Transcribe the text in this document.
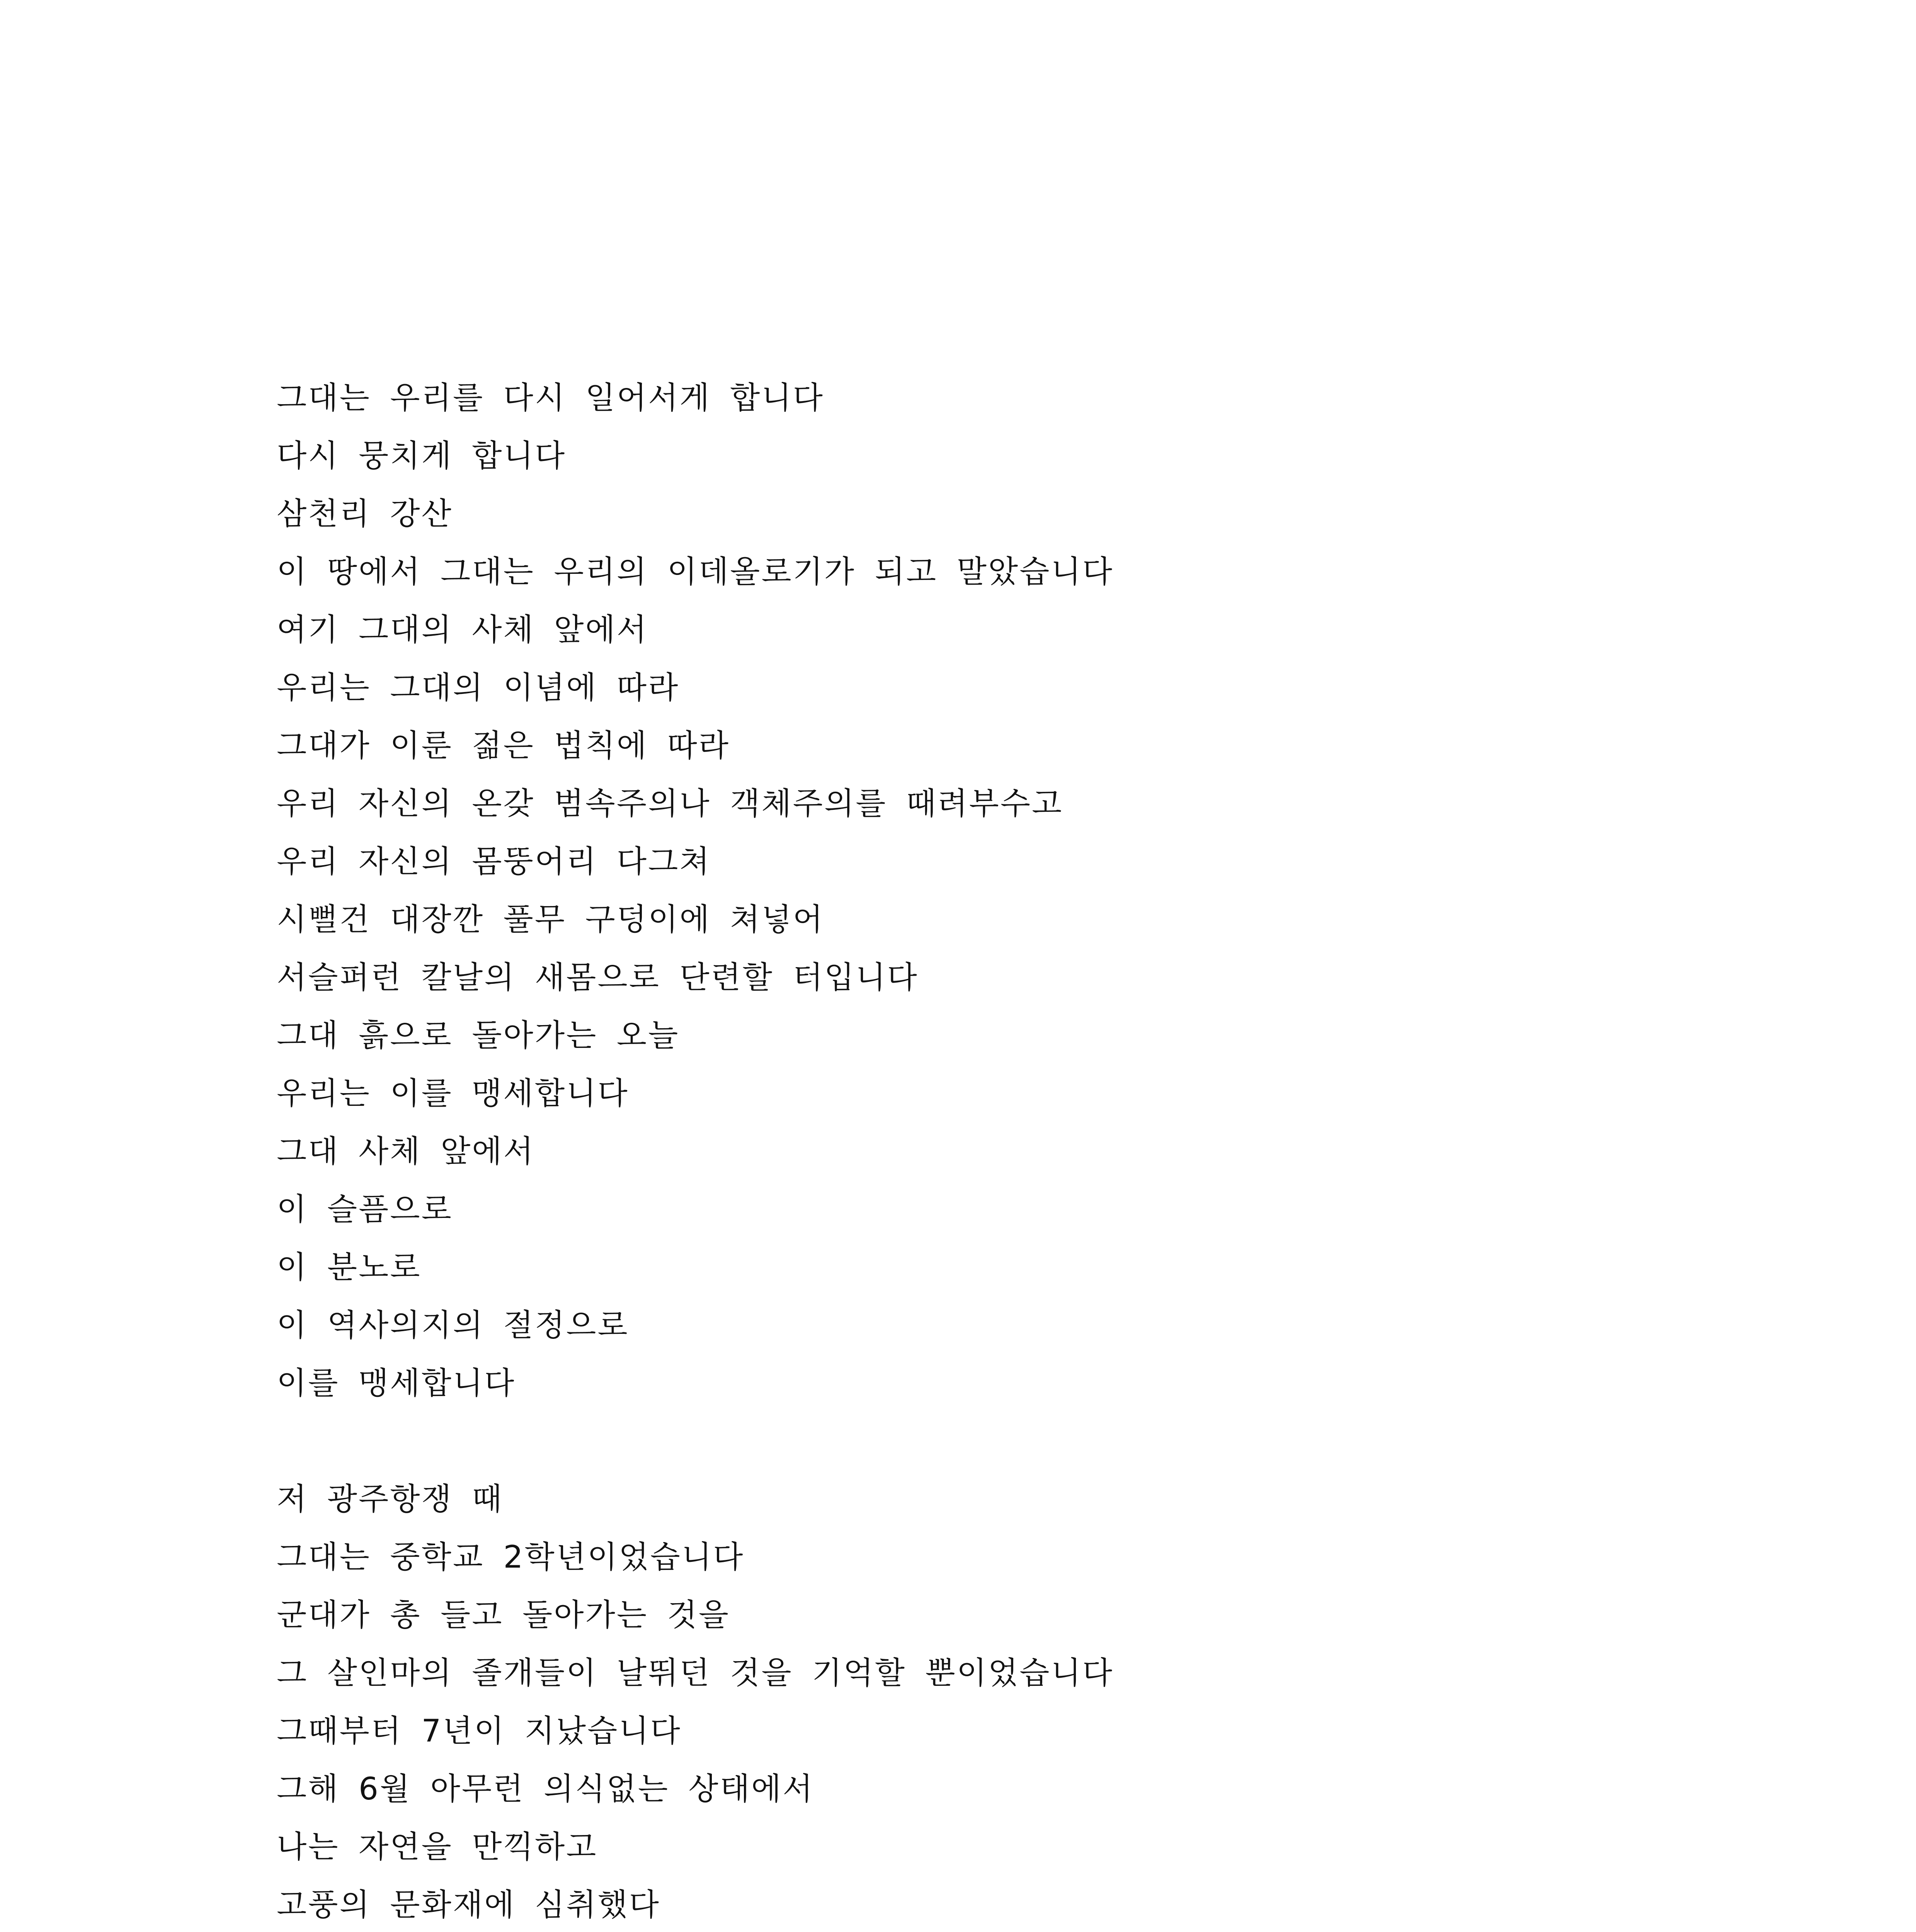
그대는 우리를 다시 일어서게 합니다
다시 뭉치게 합니다
삼천리 강산
이 땅에서 그대는 우리의 이데올로기가 되고 말았습니다
여기 그대의 사체 앞에서
우리는 그대의 이념에 따라
그대가 이룬 젊은 법칙에 따라
우리 자신의 온갖 범속주의나 객체주의를 때려부수고
우리 자신의 몸뚱어리 다그쳐
시뻘건 대장깐 풀무 구덩이에 쳐넣어
서슬퍼런 칼날의 새몸으로 단련할 터입니다
그대 흙으로 돌아가는 오늘
우리는 이를 맹세합니다
그대 사체 앞에서
이 슬픔으로
이 분노로
이 역사의지의 절정으로
이를 맹세합니다
저 광주항쟁 때
그대는 중학교 2학년이었습니다
군대가 총 들고 돌아가는 것을
그 살인마의 졸개들이 날뛰던 것을 기억할 뿐이었습니다
그때부터 7년이 지났습니다
그해 6월 아무런 의식없는 상태에서
나는 자연을 만끽하고
고풍의 문화재에 심취했다
